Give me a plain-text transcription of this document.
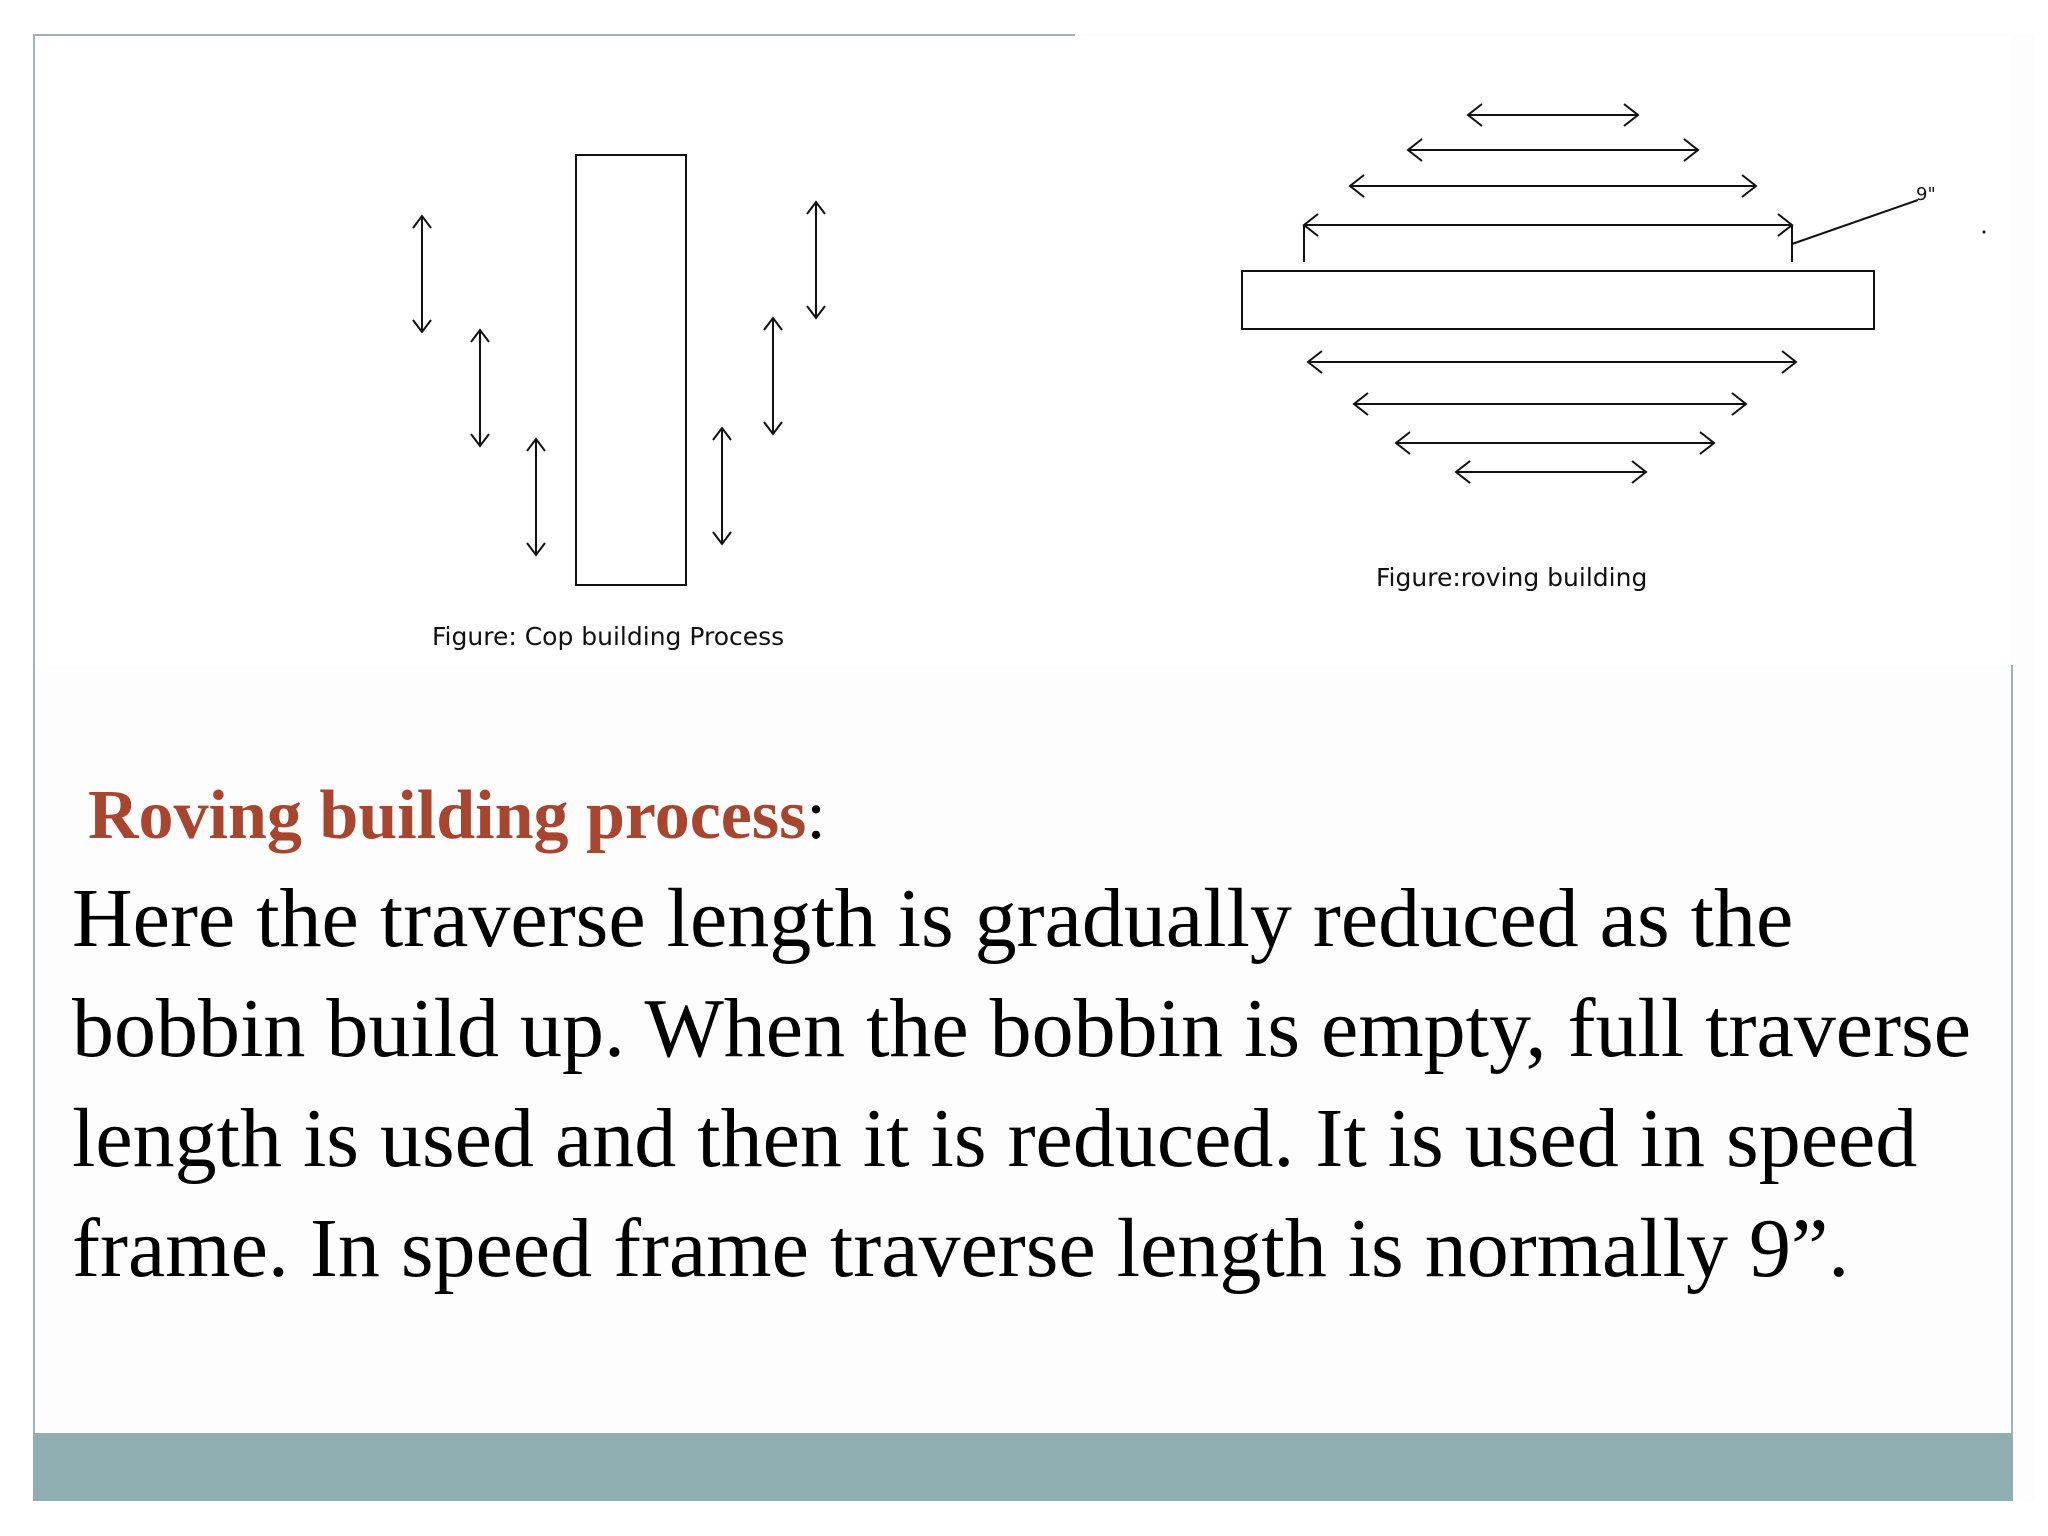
9"
Figure: Cop building Process
Figure:roving building
Roving building process:
Here the traverse length is gradually reduced as the bobbin build up. When the bobbin is empty, full traverse length is used and then it is reduced. It is used in speed frame. In speed frame traverse length is normally 9”.
